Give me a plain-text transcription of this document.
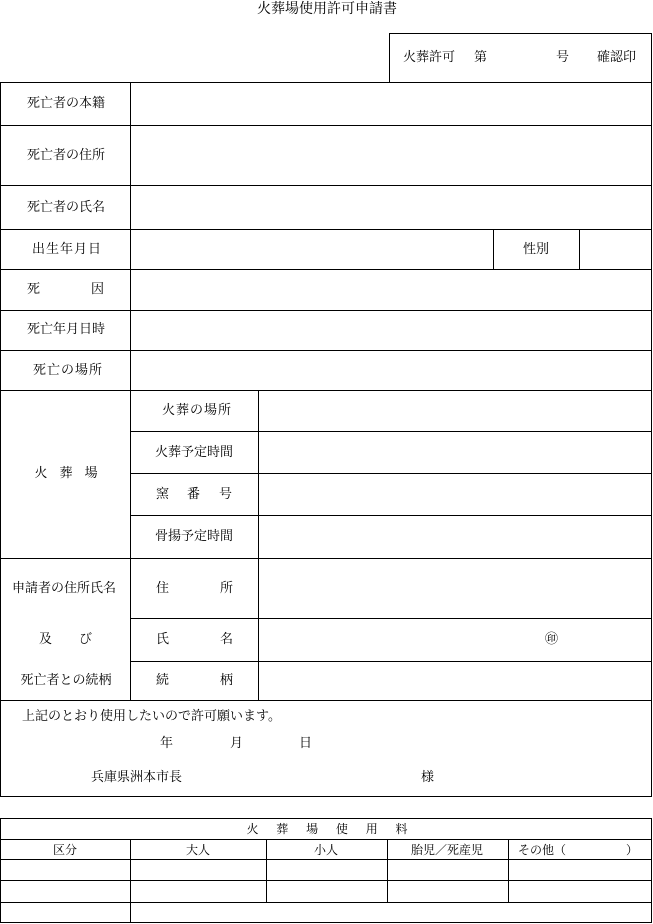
火葬場使用許可申請書
火葬許可 第	号 確認印
死亡者の本籍
死亡者の住所
死亡者の氏名
出生年月日	性別
死	因
死亡年月日時
死亡の場所
火 葬 場
火葬の場所
火葬予定時間
窯 番 号
骨揚予定時間
申請者の住所氏名
及 び
死亡者との続柄
住	所
氏	名	㊞
続	柄
上記のとおり使用したいので許可願います。
年	月	日
兵庫県洲本市長	様
火 葬 場 使 用 料
区分	大人	小人	胎児／死産児	その他（　　　　　）
